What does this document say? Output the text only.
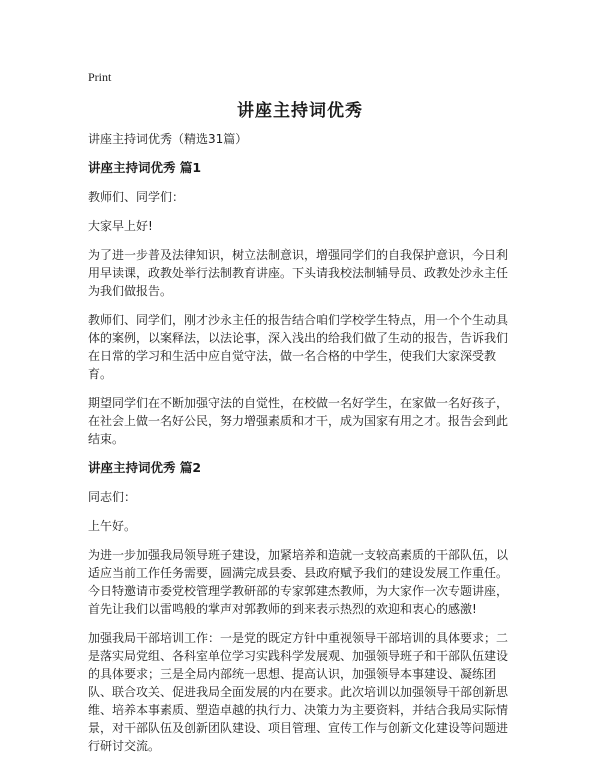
Print
讲座主持词优秀

讲座主持词优秀（精选31篇）

讲座主持词优秀 篇1

教师们、同学们：

大家早上好!

为了进一步普及法律知识，树立法制意识，增强同学们的自我保护意识，今日利用早读课，政教处举行法制教育讲座。下头请我校法制辅导员、政教处沙永主任为我们做报告。

教师们、同学们，刚才沙永主任的报告结合咱们学校学生特点，用一个个生动具体的案例，以案释法，以法论事，深入浅出的给我们做了生动的报告，告诉我们在日常的学习和生活中应自觉守法，做一名合格的中学生，使我们大家深受教育。

期望同学们在不断加强守法的自觉性，在校做一名好学生，在家做一名好孩子，在社会上做一名好公民，努力增强素质和才干，成为国家有用之才。报告会到此结束。

讲座主持词优秀 篇2

同志们：

上午好。

为进一步加强我局领导班子建设，加紧培养和造就一支较高素质的干部队伍，以适应当前工作任务需要，圆满完成县委、县政府赋予我们的建设发展工作重任。今日特邀请市委党校管理学教研部的专家郭建杰教师，为大家作一次专题讲座，首先让我们以雷鸣般的掌声对郭教师的到来表示热烈的欢迎和衷心的感激!

加强我局干部培训工作：一是党的既定方针中重视领导干部培训的具体要求；二是落实局党组、各科室单位学习实践科学发展观、加强领导班子和干部队伍建设的具体要求；三是全局内部统一思想、提高认识，加强领导本事建设、凝练团队、联合攻关、促进我局全面发展的内在要求。此次培训以加强领导干部创新思维、培养本事素质、塑造卓越的执行力、决策力为主要资料，并结合我局实际情景，对干部队伍及创新团队建设、项目管理、宣传工作与创新文化建设等问题进行研讨交流。
